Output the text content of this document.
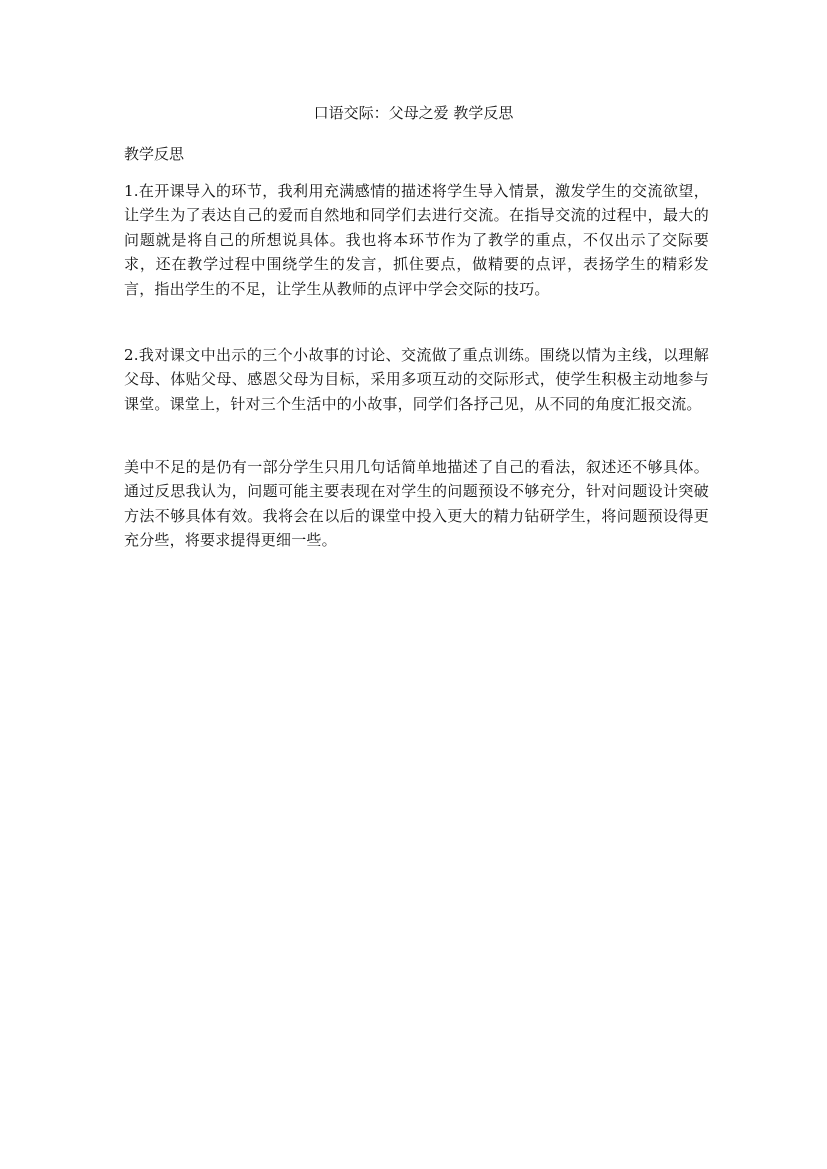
口语交际：父母之爱 教学反思
教学反思

1.在开课导入的环节，我利用充满感情的描述将学生导入情景，激发学生的交流欲望，让学生为了表达自己的爱而自然地和同学们去进行交流。在指导交流的过程中，最大的问题就是将自己的所想说具体。我也将本环节作为了教学的重点，不仅出示了交际要求，还在教学过程中围绕学生的发言，抓住要点，做精要的点评，表扬学生的精彩发言，指出学生的不足，让学生从教师的点评中学会交际的技巧。

2.我对课文中出示的三个小故事的讨论、交流做了重点训练。围绕以情为主线，以理解父母、体贴父母、感恩父母为目标，采用多项互动的交际形式，使学生积极主动地参与课堂。课堂上，针对三个生活中的小故事，同学们各抒己见，从不同的角度汇报交流。

美中不足的是仍有一部分学生只用几句话简单地描述了自己的看法，叙述还不够具体。通过反思我认为，问题可能主要表现在对学生的问题预设不够充分，针对问题设计突破方法不够具体有效。我将会在以后的课堂中投入更大的精力钻研学生，将问题预设得更充分些，将要求提得更细一些。
